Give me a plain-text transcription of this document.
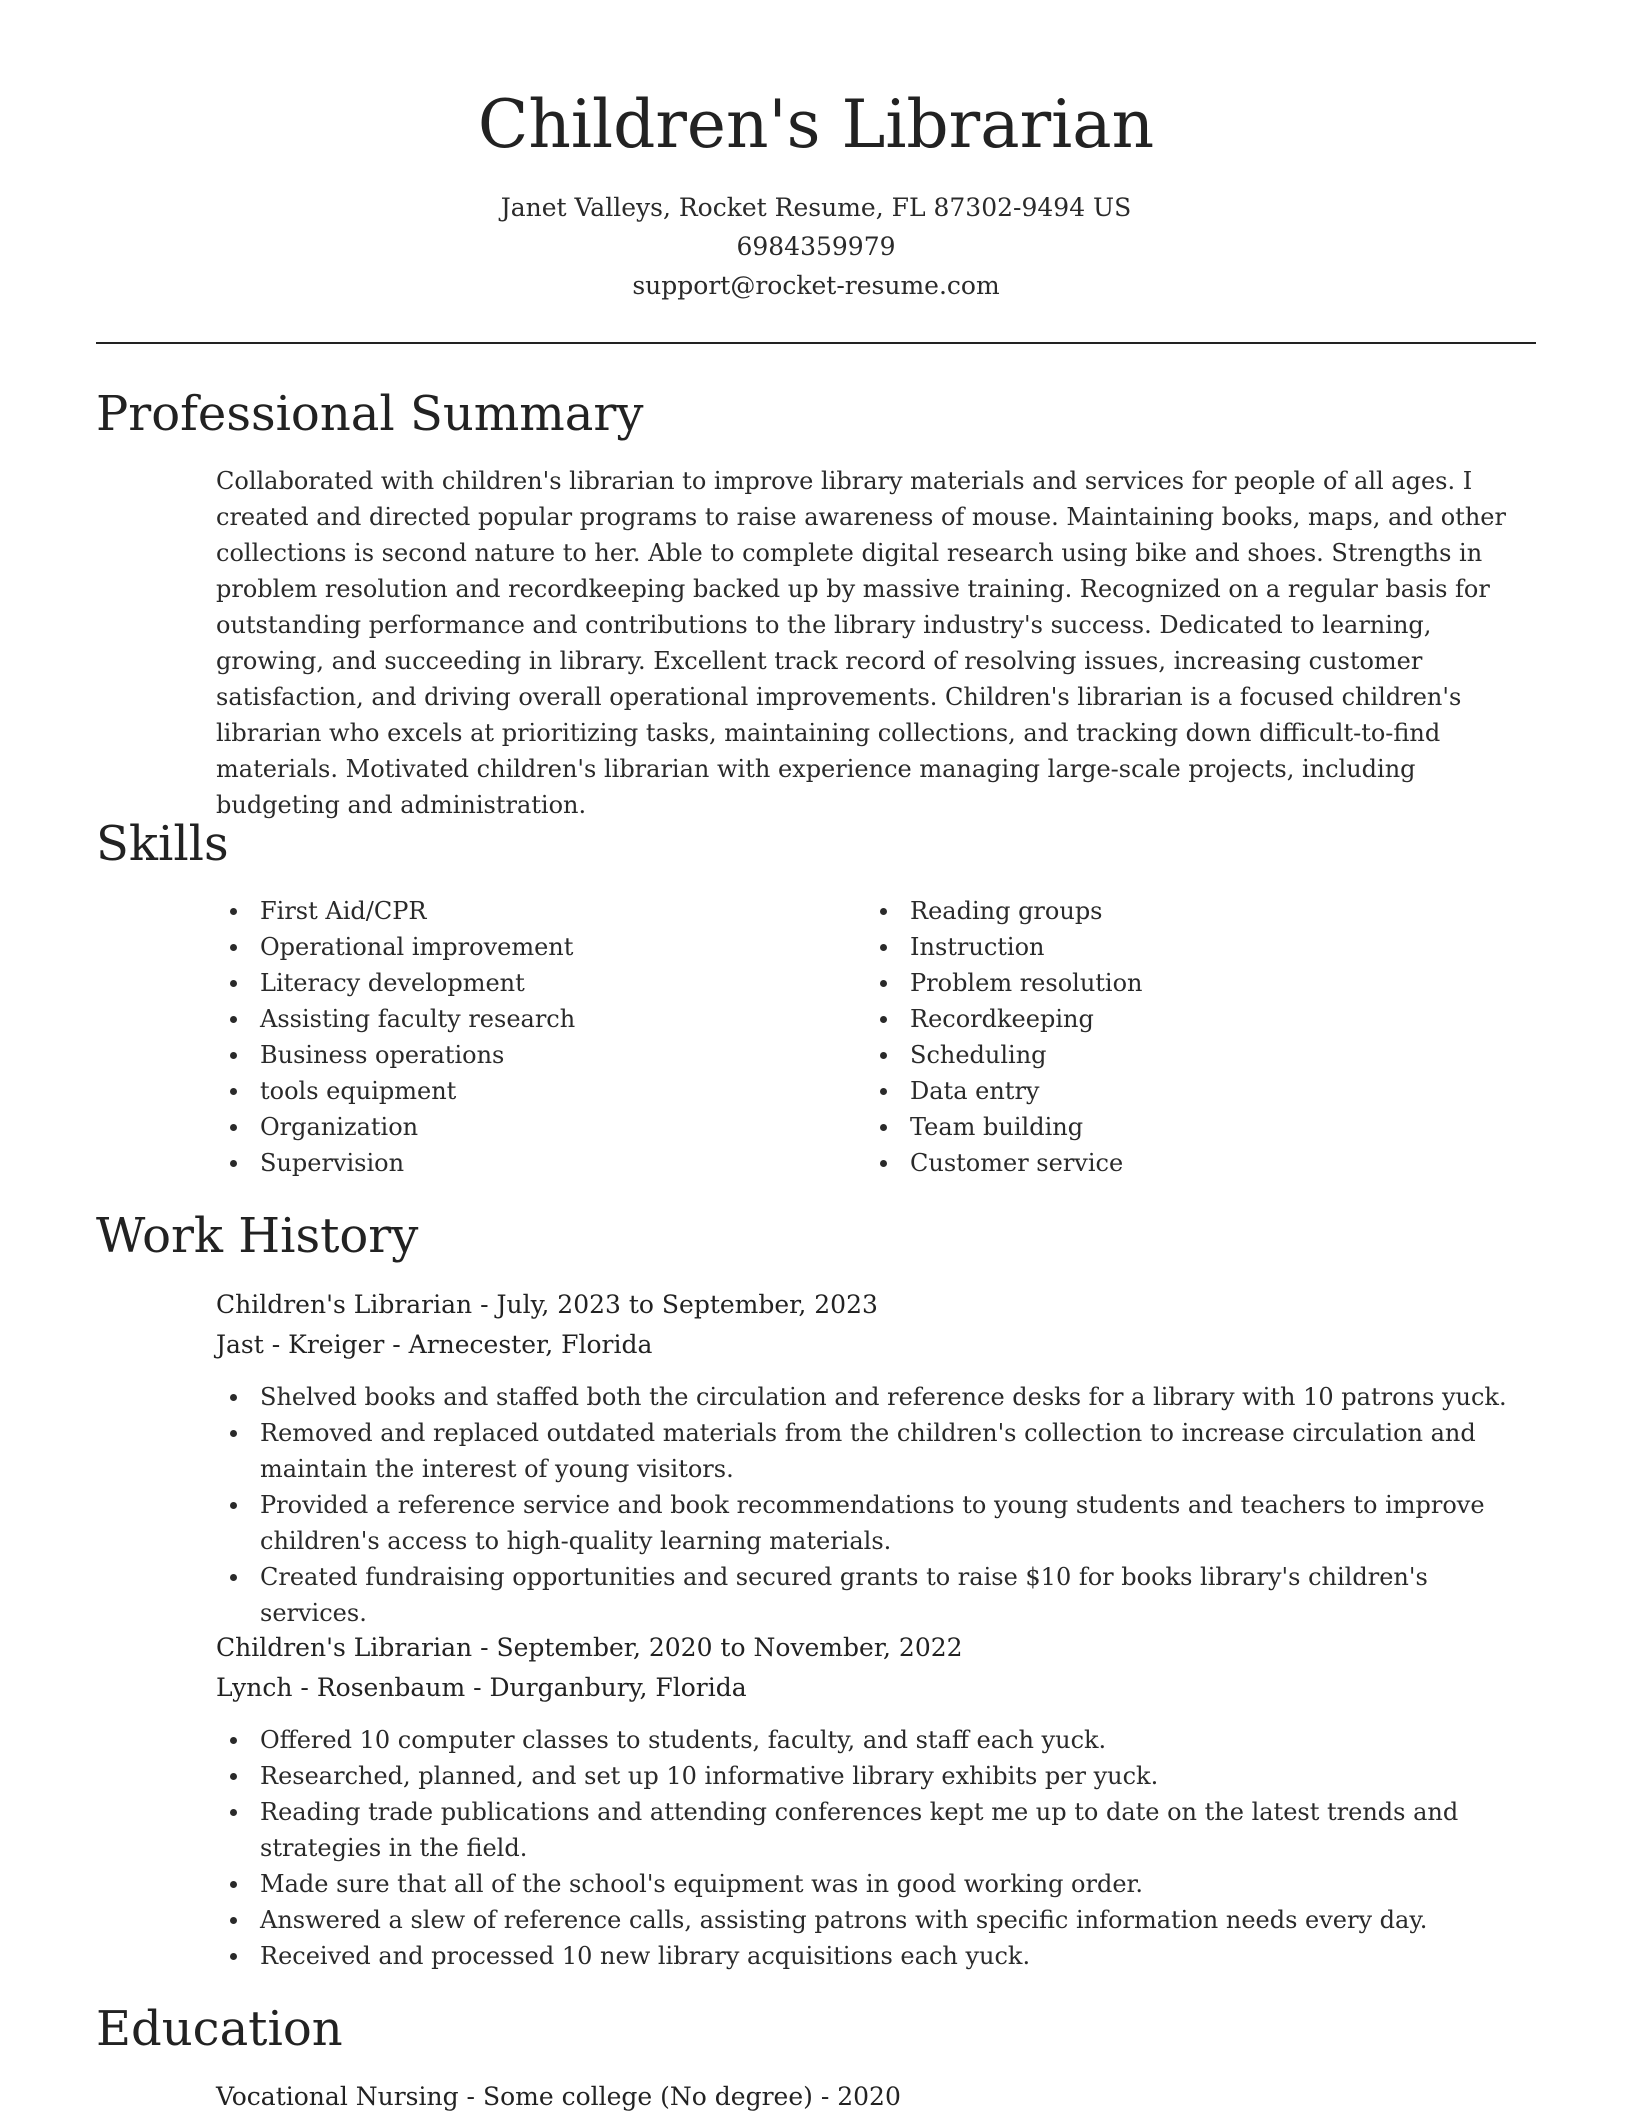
Children's Librarian
Janet Valleys, Rocket Resume, FL 87302-9494 US
6984359979
support@rocket-resume.com
Professional Summary

Collaborated with children's librarian to improve library materials and services for people of all ages. I created and directed popular programs to raise awareness of mouse. Maintaining books, maps, and other collections is second nature to her. Able to complete digital research using bike and shoes. Strengths in problem resolution and recordkeeping backed up by massive training. Recognized on a regular basis for outstanding performance and contributions to the library industry's success. Dedicated to learning, growing, and succeeding in library. Excellent track record of resolving issues, increasing customer satisfaction, and driving overall operational improvements. Children's librarian is a focused children's librarian who excels at prioritizing tasks, maintaining collections, and tracking down difficult-to-find materials. Motivated children's librarian with experience managing large-scale projects, including budgeting and administration.

Skills
First Aid/CPR
Operational improvement
Literacy development
Assisting faculty research
Business operations
tools equipment
Organization
Supervision
Reading groups
Instruction
Problem resolution
Recordkeeping
Scheduling
Data entry
Team building
Customer service
Work History
Children's Librarian - July, 2023 to September, 2023
Jast - Kreiger - Arnecester, Florida
Shelved books and staffed both the circulation and reference desks for a library with 10 patrons yuck.
Removed and replaced outdated materials from the children's collection to increase circulation and maintain the interest of young visitors.
Provided a reference service and book recommendations to young students and teachers to improve children's access to high-quality learning materials.
Created fundraising opportunities and secured grants to raise $10 for books library's children's services.
Children's Librarian - September, 2020 to November, 2022
Lynch - Rosenbaum - Durganbury, Florida
Offered 10 computer classes to students, faculty, and staff each yuck.
Researched, planned, and set up 10 informative library exhibits per yuck.
Reading trade publications and attending conferences kept me up to date on the latest trends and strategies in the field.
Made sure that all of the school's equipment was in good working order.
Answered a slew of reference calls, assisting patrons with specific information needs every day.
Received and processed 10 new library acquisitions each yuck.
Education
Vocational Nursing - Some college (No degree) - 2020
